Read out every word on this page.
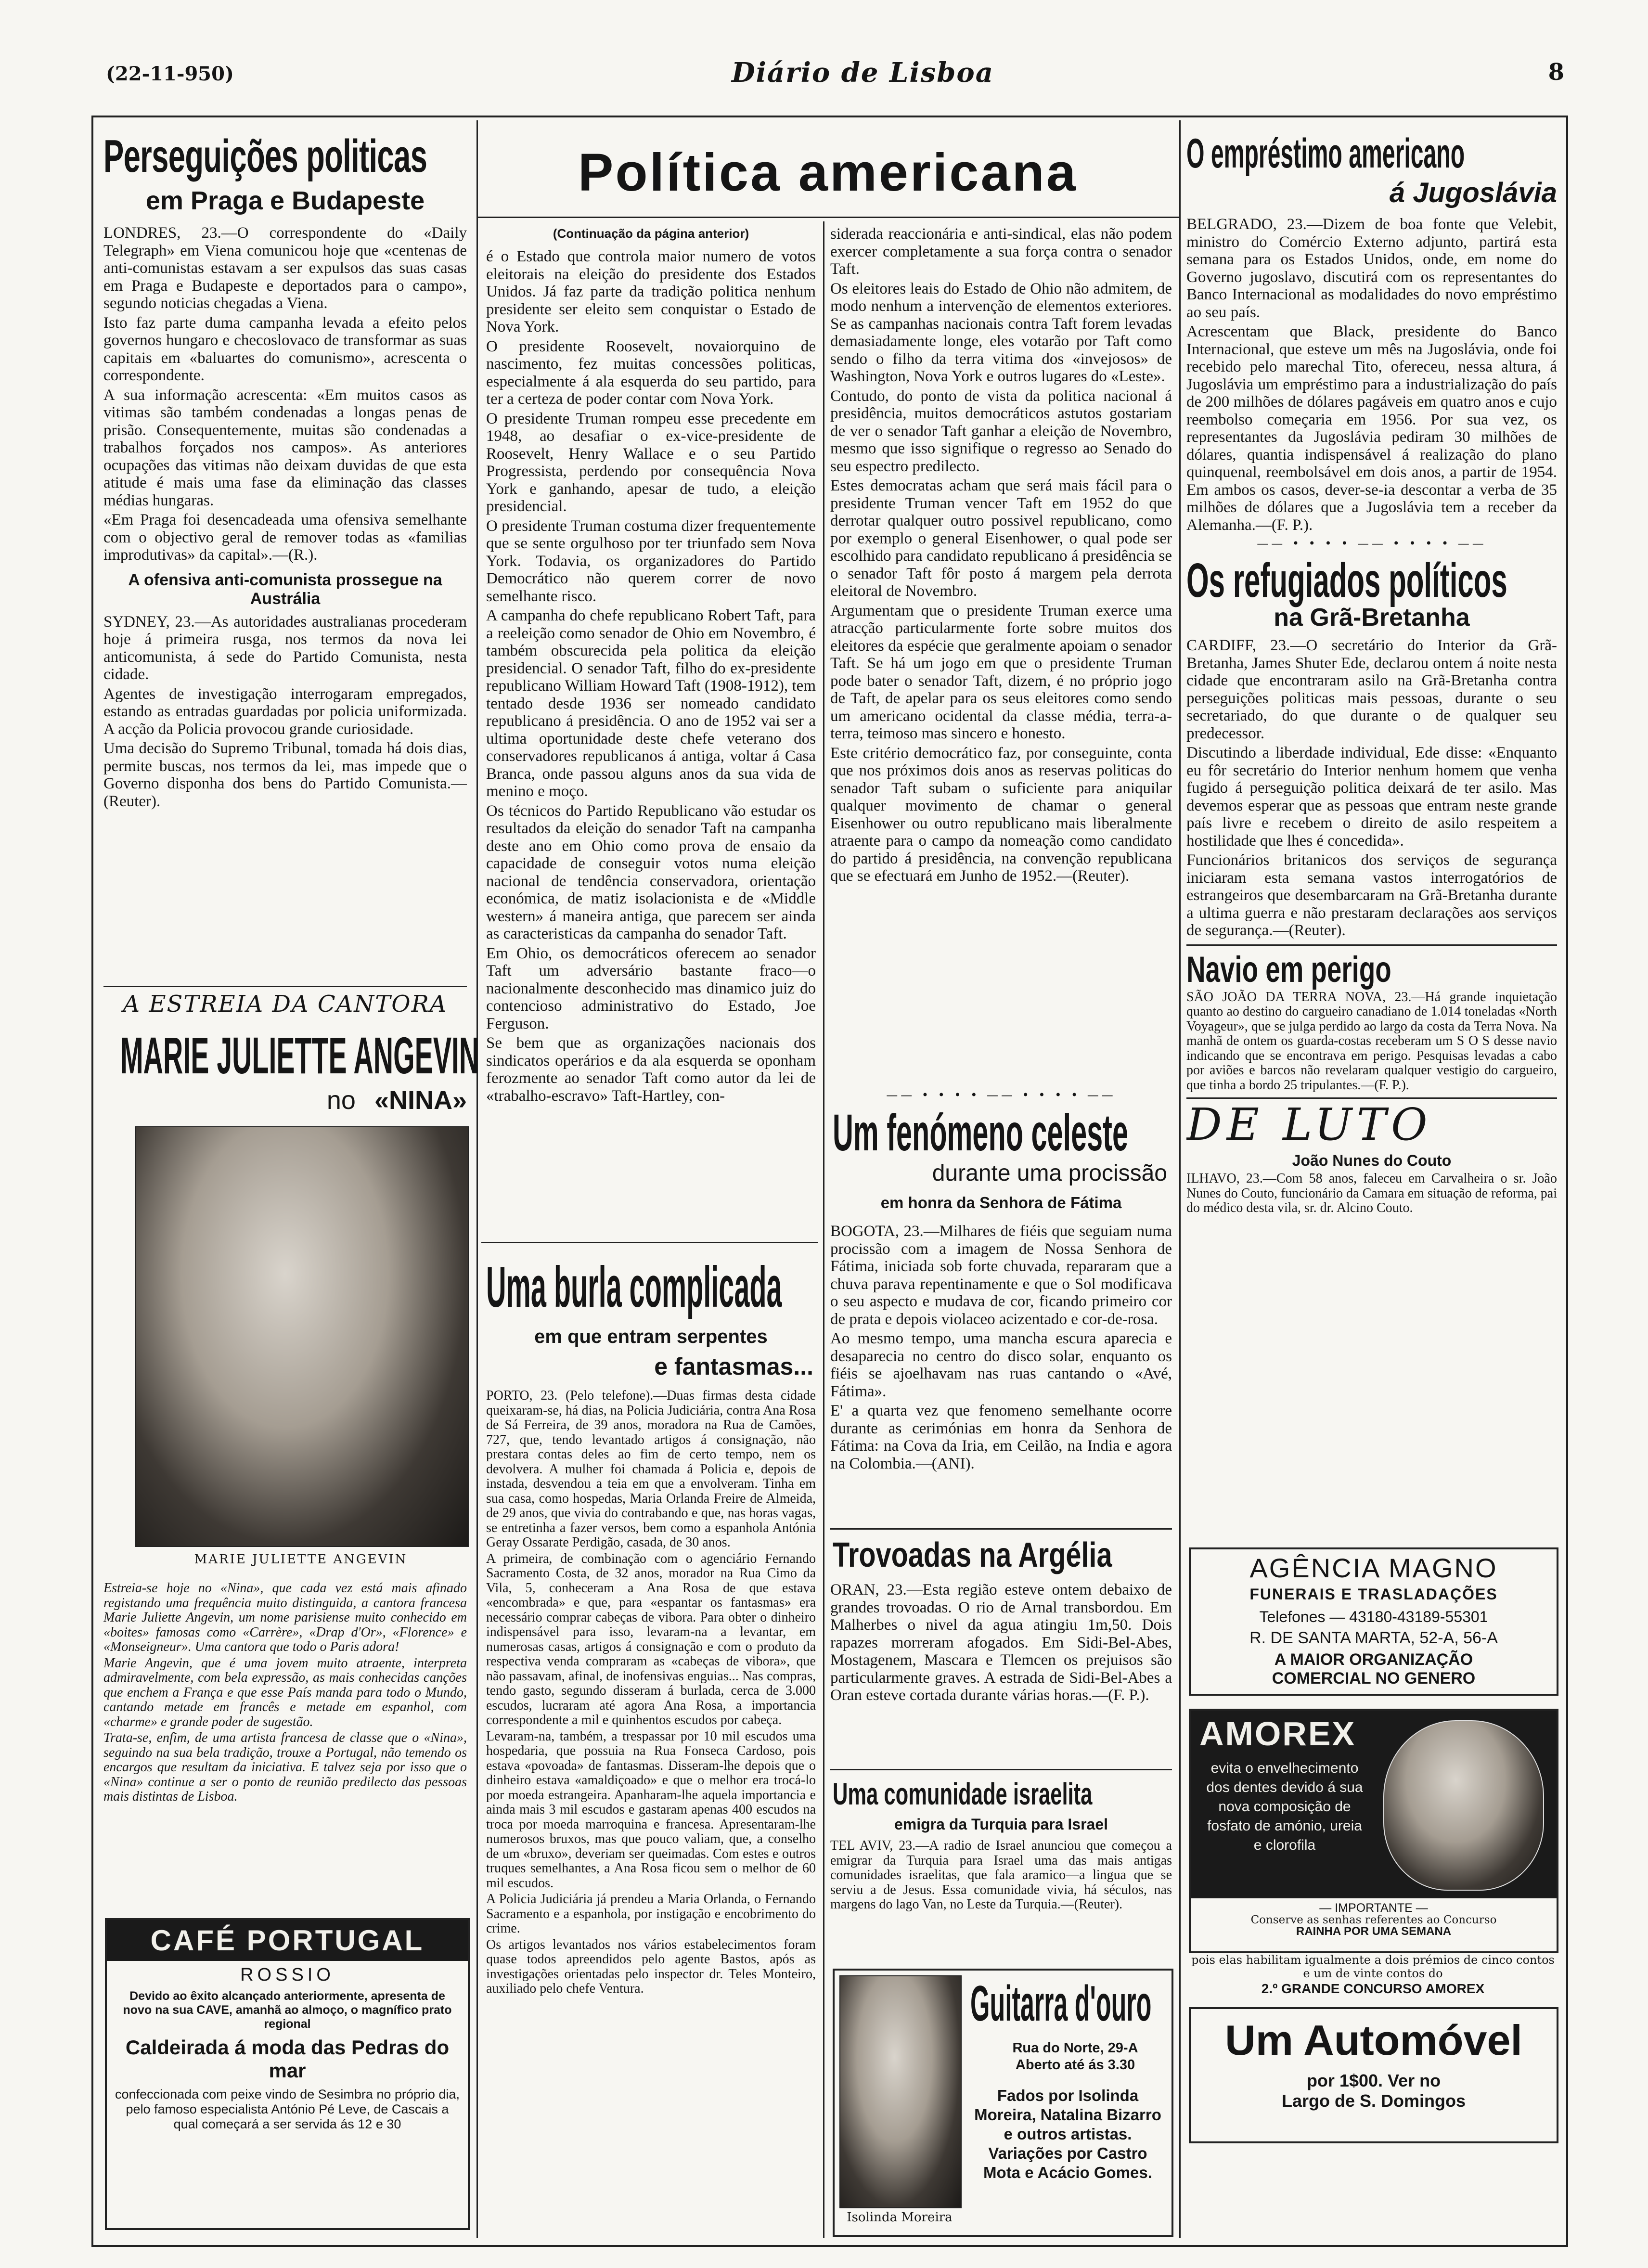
(22-11-950)	Diário de Lisboa	8
Perseguições politicas
em Praga e Budapeste

LONDRES, 23.—O correspondente do «Daily Telegraph» em Viena comunicou hoje que «centenas de anti-comunistas estavam a ser expulsos das suas casas em Praga e Budapeste e deportados para o campo», segundo noticias chegadas a Viena.

Isto faz parte duma campanha levada a efeito pelos governos hungaro e checoslovaco de transformar as suas capitais em «baluartes do comunismo», acrescenta o correspondente.

A sua informação acrescenta: «Em muitos casos as vitimas são também condenadas a longas penas de prisão. Consequentemente, muitas são condenadas a trabalhos forçados nos campos». As anteriores ocupações das vitimas não deixam duvidas de que esta atitude é mais uma fase da eliminação das classes médias hungaras.

«Em Praga foi desencadeada uma ofensiva semelhante com o objectivo geral de remover todas as «familias improdutivas» da capital».—(R.).

A ofensiva anti-comunista prossegue na Austrália

SYDNEY, 23.—As autoridades australianas procederam hoje á primeira rusga, nos termos da nova lei anticomunista, á sede do Partido Comunista, nesta cidade.

Agentes de investigação interrogaram empregados, estando as entradas guardadas por policia uniformizada. A acção da Policia provocou grande curiosidade.

Uma decisão do Supremo Tribunal, tomada há dois dias, permite buscas, nos termos da lei, mas impede que o Governo disponha dos bens do Partido Comunista.—(Reuter).

A ESTREIA DA CANTORA
MARIE JULIETTE ANGEVIN
no «NINA»
MARIE JULIETTE ANGEVIN

Estreia-se hoje no «Nina», que cada vez está mais afinado registando uma frequência muito distinguida, a cantora francesa Marie Juliette Angevin, um nome parisiense muito conhecido em «boites» famosas como «Carrère», «Drap d'Or», «Florence» e «Monseigneur». Uma cantora que todo o Paris adora!

Marie Angevin, que é uma jovem muito atraente, interpreta admiravelmente, com bela expressão, as mais conhecidas canções que enchem a França e que esse País manda para todo o Mundo, cantando metade em francês e metade em espanhol, com «charme» e grande poder de sugestão.

Trata-se, enfim, de uma artista francesa de classe que o «Nina», seguindo na sua bela tradição, trouxe a Portugal, não temendo os encargos que resultam da iniciativa. E talvez seja por isso que o «Nina» continue a ser o ponto de reunião predilecto das pessoas mais distintas de Lisboa.

CAFÉ PORTUGAL
ROSSIO
Devido ao êxito alcançado anteriormente, apresenta de novo na sua CAVE, amanhã ao almoço, o magnífico prato regional
Caldeirada á moda das Pedras do mar
confeccionada com peixe vindo de Sesimbra no próprio dia, pelo famoso especialista António Pé Leve, de Cascais a qual começará a ser servida ás 12 e 30
Política americana
(Continuação da página anterior)

é o Estado que controla maior numero de votos eleitorais na eleição do presidente dos Estados Unidos. Já faz parte da tradição politica nenhum presidente ser eleito sem conquistar o Estado de Nova York.

O presidente Roosevelt, novaiorquino de nascimento, fez muitas concessões politicas, especialmente á ala esquerda do seu partido, para ter a certeza de poder contar com Nova York.

O presidente Truman rompeu esse precedente em 1948, ao desafiar o ex-vice-presidente de Roosevelt, Henry Wallace e o seu Partido Progressista, perdendo por consequência Nova York e ganhando, apesar de tudo, a eleição presidencial.

O presidente Truman costuma dizer frequentemente que se sente orgulhoso por ter triunfado sem Nova York. Todavia, os organizadores do Partido Democrático não querem correr de novo semelhante risco.

A campanha do chefe republicano Robert Taft, para a reeleição como senador de Ohio em Novembro, é também obscurecida pela politica da eleição presidencial. O senador Taft, filho do ex-presidente republicano William Howard Taft (1908-1912), tem tentado desde 1936 ser nomeado candidato republicano á presidência. O ano de 1952 vai ser a ultima oportunidade deste chefe veterano dos conservadores republicanos á antiga, voltar á Casa Branca, onde passou alguns anos da sua vida de menino e moço.

Os técnicos do Partido Republicano vão estudar os resultados da eleição do senador Taft na campanha deste ano em Ohio como prova de ensaio da capacidade de conseguir votos numa eleição nacional de tendência conservadora, orientação económica, de matiz isolacionista e de «Middle western» á maneira antiga, que parecem ser ainda as caracteristicas da campanha do senador Taft.

Em Ohio, os democráticos oferecem ao senador Taft um adversário bastante fraco—o nacionalmente desconhecido mas dinamico juiz do contencioso administrativo do Estado, Joe Ferguson.

Se bem que as organizações nacionais dos sindicatos operários e da ala esquerda se oponham ferozmente ao senador Taft como autor da lei de «trabalho-escravo» Taft-Hartley, con-

Uma burla complicada
em que entram serpentes
e fantasmas...

PORTO, 23. (Pelo telefone).—Duas firmas desta cidade queixaram-se, há dias, na Policia Judiciária, contra Ana Rosa de Sá Ferreira, de 39 anos, moradora na Rua de Camões, 727, que, tendo levantado artigos á consignação, não prestara contas deles ao fim de certo tempo, nem os devolvera. A mulher foi chamada á Policia e, depois de instada, desvendou a teia em que a envolveram. Tinha em sua casa, como hospedas, Maria Orlanda Freire de Almeida, de 29 anos, que vivia do contrabando e que, nas horas vagas, se entretinha a fazer versos, bem como a espanhola Antónia Geray Ossarate Perdigão, casada, de 30 anos.

A primeira, de combinação com o agenciário Fernando Sacramento Costa, de 32 anos, morador na Rua Cimo da Vila, 5, conheceram a Ana Rosa de que estava «encombrada» e que, para «espantar os fantasmas» era necessário comprar cabeças de vibora. Para obter o dinheiro indispensável para isso, levaram-na a levantar, em numerosas casas, artigos á consignação e com o produto da respectiva venda compraram as «cabeças de vibora», que não passavam, afinal, de inofensivas enguias... Nas compras, tendo gasto, segundo disseram á burlada, cerca de 3.000 escudos, lucraram até agora Ana Rosa, a importancia correspondente a mil e quinhentos escudos por cabeça.

Levaram-na, também, a trespassar por 10 mil escudos uma hospedaria, que possuia na Rua Fonseca Cardoso, pois estava «povoada» de fantasmas. Disseram-lhe depois que o dinheiro estava «amaldiçoado» e que o melhor era trocá-lo por moeda estrangeira. Apanharam-lhe aquela importancia e ainda mais 3 mil escudos e gastaram apenas 400 escudos na troca por moeda marroquina e francesa. Apresentaram-lhe numerosos bruxos, mas que pouco valiam, que, a conselho de um «bruxo», deveriam ser queimadas. Com estes e outros truques semelhantes, a Ana Rosa ficou sem o melhor de 60 mil escudos.

A Policia Judiciária já prendeu a Maria Orlanda, o Fernando Sacramento e a espanhola, por instigação e encobrimento do crime.

Os artigos levantados nos vários estabelecimentos foram quase todos apreendidos pelo agente Bastos, após as investigações orientadas pelo inspector dr. Teles Monteiro, auxiliado pelo chefe Ventura.

siderada reaccionária e anti-sindical, elas não podem exercer completamente a sua força contra o senador Taft.

Os eleitores leais do Estado de Ohio não admitem, de modo nenhum a intervenção de elementos exteriores. Se as campanhas nacionais contra Taft forem levadas demasiadamente longe, eles votarão por Taft como sendo o filho da terra vitima dos «invejosos» de Washington, Nova York e outros lugares do «Leste».

Contudo, do ponto de vista da politica nacional á presidência, muitos democráticos astutos gostariam de ver o senador Taft ganhar a eleição de Novembro, mesmo que isso signifique o regresso ao Senado do seu espectro predilecto.

Estes democratas acham que será mais fácil para o presidente Truman vencer Taft em 1952 do que derrotar qualquer outro possivel republicano, como por exemplo o general Eisenhower, o qual pode ser escolhido para candidato republicano á presidência se o senador Taft fôr posto á margem pela derrota eleitoral de Novembro.

Argumentam que o presidente Truman exerce uma atracção particularmente forte sobre muitos dos eleitores da espécie que geralmente apoiam o senador Taft. Se há um jogo em que o presidente Truman pode bater o senador Taft, dizem, é no próprio jogo de Taft, de apelar para os seus eleitores como sendo um americano ocidental da classe média, terra-a-terra, teimoso mas sincero e honesto.

Este critério democrático faz, por conseguinte, conta que nos próximos dois anos as reservas politicas do senador Taft subam o suficiente para aniquilar qualquer movimento de chamar o general Eisenhower ou outro republicano mais liberalmente atraente para o campo da nomeação como candidato do partido á presidência, na convenção republicana que se efectuará em Junho de 1952.—(Reuter).

—— • • • • —— • • • • ——
Um fenómeno celeste
durante uma procissão
em honra da Senhora de Fátima

BOGOTA, 23.—Milhares de fiéis que seguiam numa procissão com a imagem de Nossa Senhora de Fátima, iniciada sob forte chuvada, repararam que a chuva parava repentinamente e que o Sol modificava o seu aspecto e mudava de cor, ficando primeiro cor de prata e depois violaceo acizentado e cor-de-rosa.

Ao mesmo tempo, uma mancha escura aparecia e desaparecia no centro do disco solar, enquanto os fiéis se ajoelhavam nas ruas cantando o «Avé, Fátima».

E' a quarta vez que fenomeno semelhante ocorre durante as cerimónias em honra da Senhora de Fátima: na Cova da Iria, em Ceilão, na India e agora na Colombia.—(ANI).

Trovoadas na Argélia

ORAN, 23.—Esta região esteve ontem debaixo de grandes trovoadas. O rio de Arnal transbordou. Em Malherbes o nivel da agua atingiu 1m,50. Dois rapazes morreram afogados. Em Sidi-Bel-Abes, Mostagenem, Mascara e Tlemcen os prejuisos são particularmente graves. A estrada de Sidi-Bel-Abes a Oran esteve cortada durante várias horas.—(F. P.).

Uma comunidade israelita
emigra da Turquia para Israel

TEL AVIV, 23.—A radio de Israel anunciou que começou a emigrar da Turquia para Israel uma das mais antigas comunidades israelitas, que fala aramico—a lingua que se serviu a de Jesus. Essa comunidade vivia, há séculos, nas margens do lago Van, no Leste da Turquia.—(Reuter).

Isolinda Moreira
Guitarra d'ouro
Rua do Norte, 29-A
Aberto até ás 3.30
Fados por Isolinda Moreira, Natalina Bizarro e outros artistas. Variações por Castro Mota e Acácio Gomes.
O empréstimo americano
á Jugoslávia

BELGRADO, 23.—Dizem de boa fonte que Velebit, ministro do Comércio Externo adjunto, partirá esta semana para os Estados Unidos, onde, em nome do Governo jugoslavo, discutirá com os representantes do Banco Internacional as modalidades do novo empréstimo ao seu país.

Acrescentam que Black, presidente do Banco Internacional, que esteve um mês na Jugoslávia, onde foi recebido pelo marechal Tito, ofereceu, nessa altura, á Jugoslávia um empréstimo para a industrialização do país de 200 milhões de dólares pagáveis em quatro anos e cujo reembolso começaria em 1956. Por sua vez, os representantes da Jugoslávia pediram 30 milhões de dólares, quantia indispensável á realização do plano quinquenal, reembolsável em dois anos, a partir de 1954. Em ambos os casos, dever-se-ia descontar a verba de 35 milhões de dólares que a Jugoslávia tem a receber da Alemanha.—(F. P.).

—— • • • • —— • • • • ——
Os refugiados políticos
na Grã-Bretanha

CARDIFF, 23.—O secretário do Interior da Grã-Bretanha, James Shuter Ede, declarou ontem á noite nesta cidade que encontraram asilo na Grã-Bretanha contra perseguições politicas mais pessoas, durante o seu secretariado, do que durante o de qualquer seu predecessor.

Discutindo a liberdade individual, Ede disse: «Enquanto eu fôr secretário do Interior nenhum homem que venha fugido á perseguição politica deixará de ter asilo. Mas devemos esperar que as pessoas que entram neste grande país livre e recebem o direito de asilo respeitem a hostilidade que lhes é concedida».

Funcionários britanicos dos serviços de segurança iniciaram esta semana vastos interrogatórios de estrangeiros que desembarcaram na Grã-Bretanha durante a ultima guerra e não prestaram declarações aos serviços de segurança.—(Reuter).

Navio em perigo

SÃO JOÃO DA TERRA NOVA, 23.—Há grande inquietação quanto ao destino do cargueiro canadiano de 1.014 toneladas «North Voyageur», que se julga perdido ao largo da costa da Terra Nova. Na manhã de ontem os guarda-costas receberam um S O S desse navio indicando que se encontrava em perigo. Pesquisas levadas a cabo por aviões e barcos não revelaram qualquer vestigio do cargueiro, que tinha a bordo 25 tripulantes.—(F. P.).

DE LUTO
João Nunes do Couto

ILHAVO, 23.—Com 58 anos, faleceu em Carvalheira o sr. João Nunes do Couto, funcionário da Camara em situação de reforma, pai do médico desta vila, sr. dr. Alcino Couto.

AGÊNCIA MAGNO
FUNERAIS E TRASLADAÇÕES
Telefones — 43180-43189-55301
R. DE SANTA MARTA, 52-A, 56-A
A MAIOR ORGANIZAÇÃO
COMERCIAL NO GENERO
AMOREX
evita o envelhecimento dos dentes devido á sua nova composição de fosfato de amónio, ureia e clorofila
— IMPORTANTE —
Conserve as senhas referentes ao Concurso
RAINHA POR UMA SEMANA
pois elas habilitam igualmente a dois prémios de cinco contos e um de vinte contos do
2.º GRANDE CONCURSO AMOREX
Um Automóvel
por 1$00. Ver no
Largo de S. Domingos
